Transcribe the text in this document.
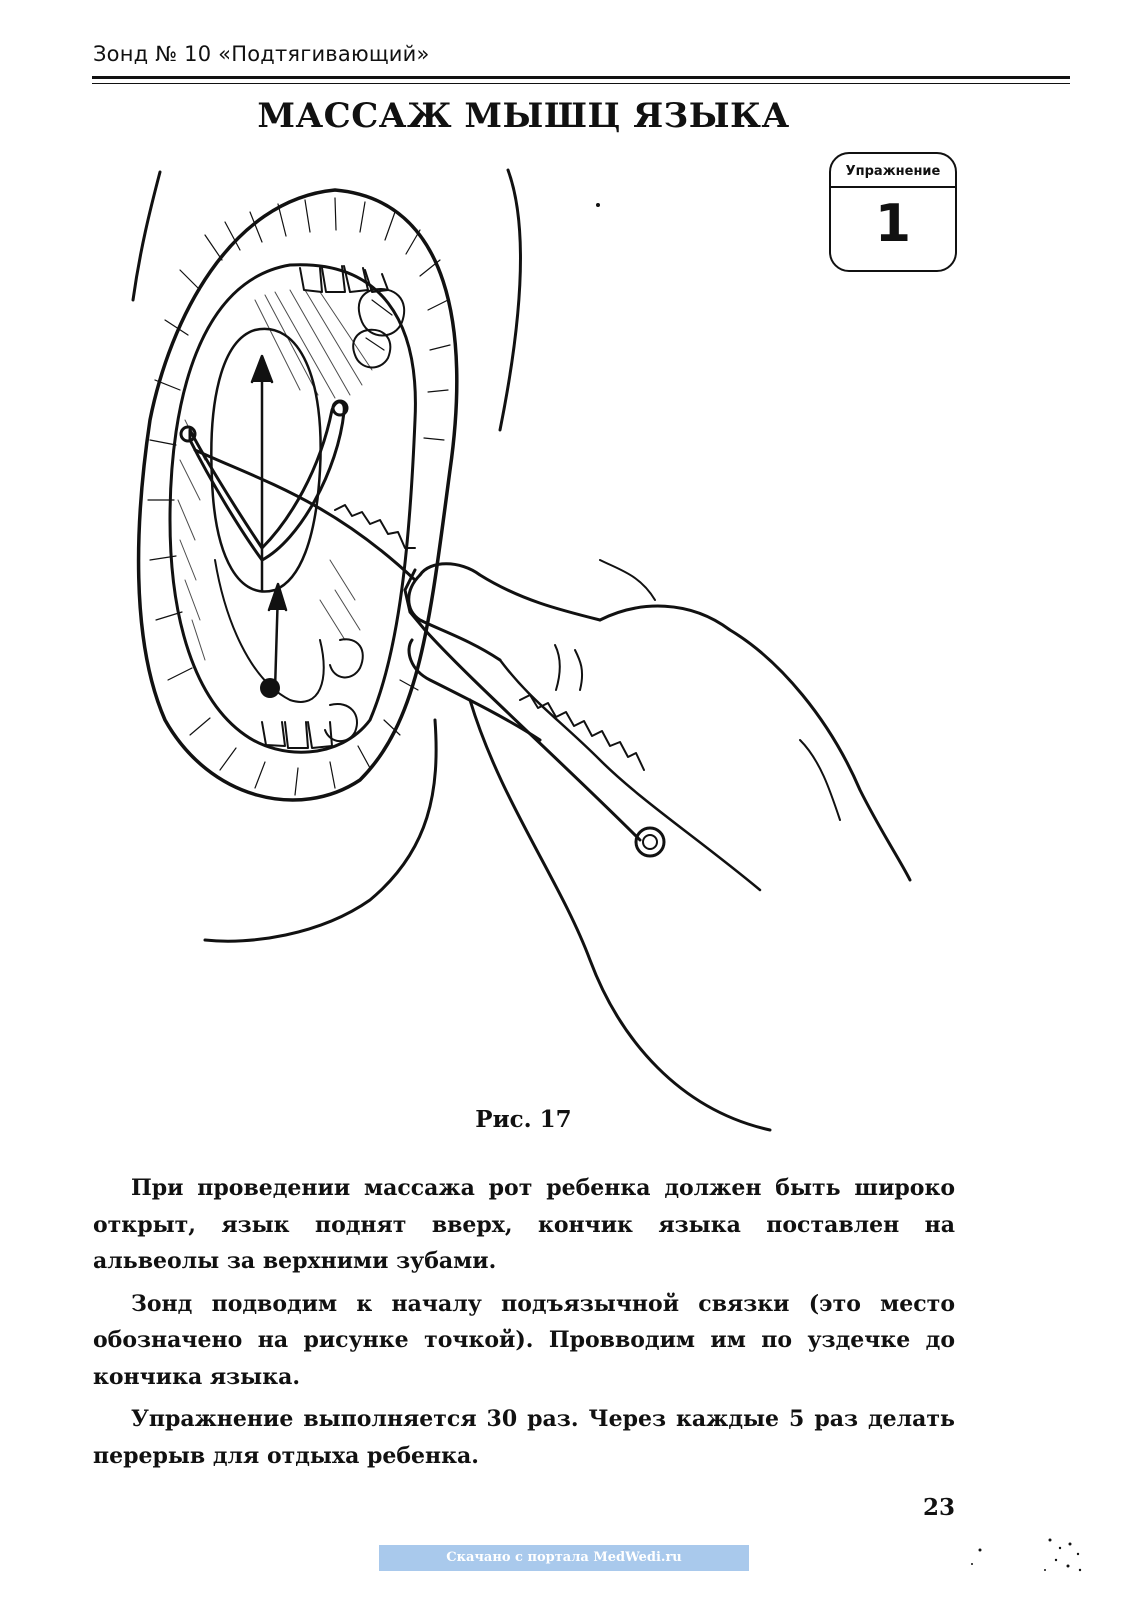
Зонд № 10 «Подтягивающий»
МАССАЖ МЫШЦ ЯЗЫКА
Упражнение
1
Рис. 17

При проведении массажа рот ребенка должен быть широко открыт, язык поднят вверх, кончик языка поставлен на альвеолы за верхними зубами.

Зонд подводим к началу подъязычной связки (это место обозначено на рисунке точкой). Провводим им по уздечке до кончика языка.

Упражнение выполняется 30 раз. Через каждые 5 раз делать перерыв для отдыха ребенка.

23
Скачано с портала MedWedi.ru
